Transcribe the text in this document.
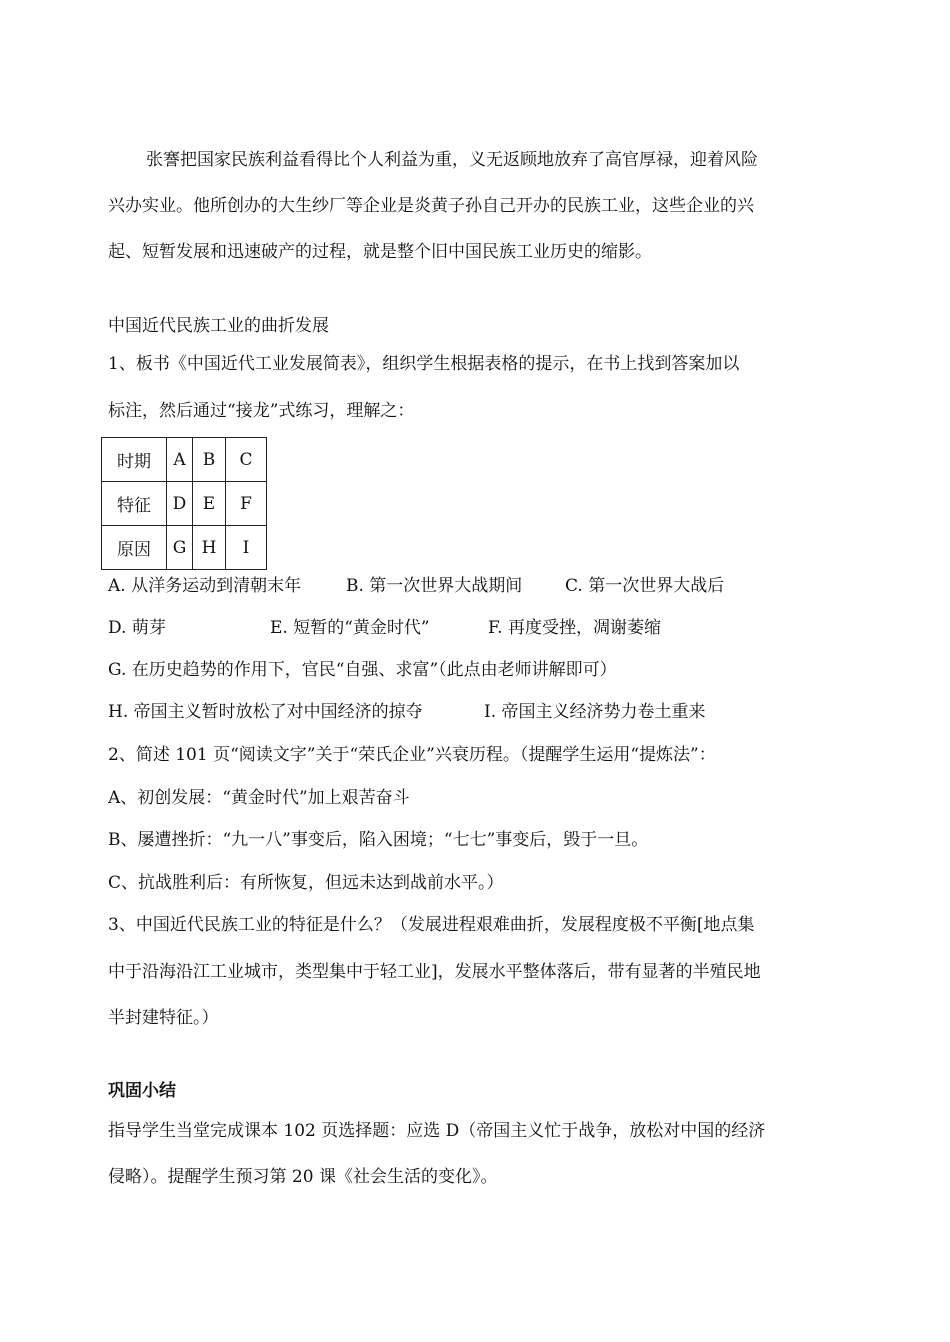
张謇把国家民族利益看得比个人利益为重，义无返顾地放弃了高官厚禄，迎着风险
兴办实业。他所创办的大生纱厂等企业是炎黄子孙自己开办的民族工业，这些企业的兴
起、短暂发展和迅速破产的过程，就是整个旧中国民族工业历史的缩影。
中国近代民族工业的曲折发展
1、板书《中国近代工业发展简表》，组织学生根据表格的提示，在书上找到答案加以
标注，然后通过“接龙”式练习，理解之：
时期	A	B	C
特征	D	E	F
原因	G	H	I
A. 从洋务运动到清朝末年	B. 第一次世界大战期间	C. 第一次世界大战后
D. 萌芽	E. 短暂的“黄金时代”	F. 再度受挫，凋谢萎缩
G. 在历史趋势的作用下，官民“自强、求富”（此点由老师讲解即可）
H. 帝国主义暂时放松了对中国经济的掠夺	I. 帝国主义经济势力卷土重来
2、简述 101 页“阅读文字”关于“荣氏企业”兴衰历程。（提醒学生运用“提炼法”：
A、初创发展：“黄金时代”加上艰苦奋斗
B、屡遭挫折：“九一八”事变后，陷入困境；“七七”事变后，毁于一旦。
C、抗战胜利后：有所恢复，但远未达到战前水平。）
3、中国近代民族工业的特征是什么？（发展进程艰难曲折，发展程度极不平衡[地点集
中于沿海沿江工业城市，类型集中于轻工业]，发展水平整体落后，带有显著的半殖民地
半封建特征。）
巩固小结
指导学生当堂完成课本 102 页选择题：应选 D（帝国主义忙于战争，放松对中国的经济
侵略）。提醒学生预习第 20 课《社会生活的变化》。
